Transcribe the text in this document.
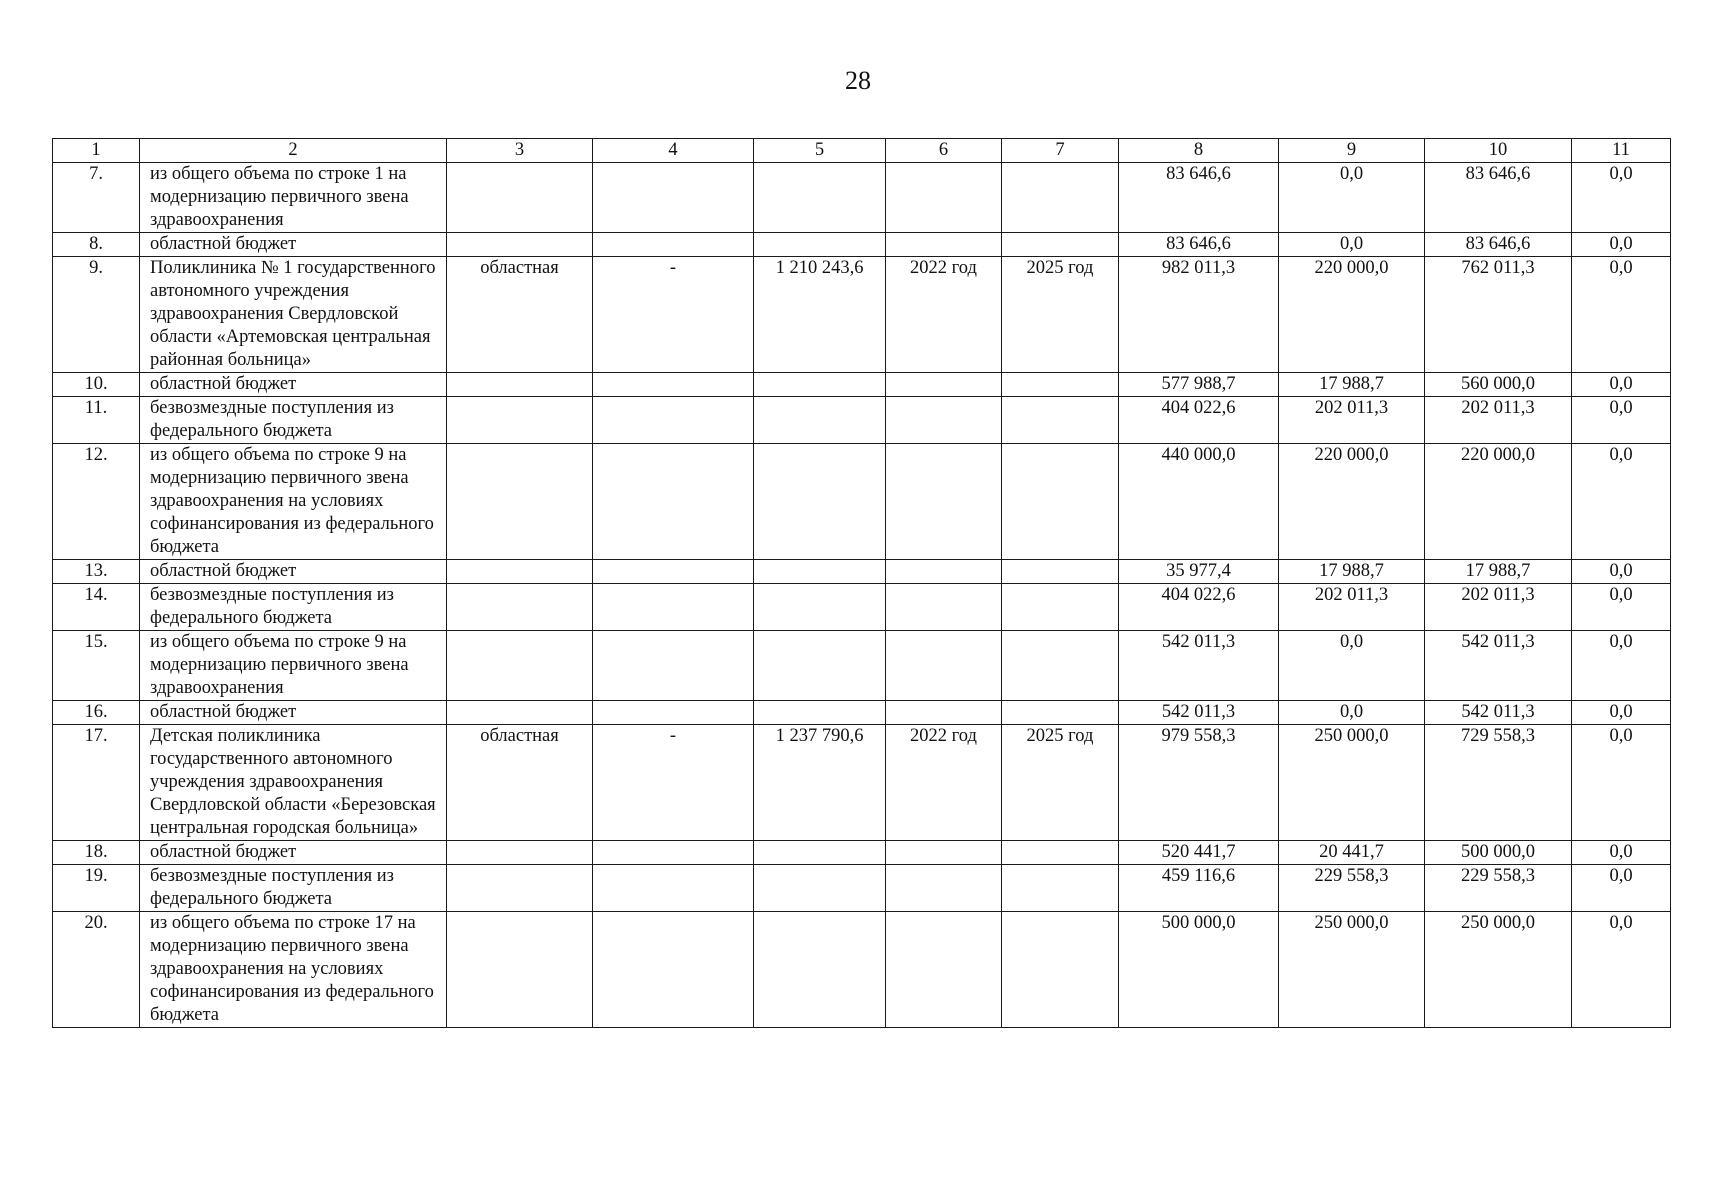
28
1	2	3	4	5	6	7	8	9	10	11
7.	из общего объема по строке 1 на модернизацию первичного звена здравоохранения						83 646,6	0,0	83 646,6	0,0
8.	областной бюджет						83 646,6	0,0	83 646,6	0,0
9.	Поликлиника № 1 государственного автономного учреждения здравоохранения Свердловской области «Артемовская центральная районная больница»	областная	-	1 210 243,6	2022 год	2025 год	982 011,3	220 000,0	762 011,3	0,0
10.	областной бюджет						577 988,7	17 988,7	560 000,0	0,0
11.	безвозмездные поступления из федерального бюджета						404 022,6	202 011,3	202 011,3	0,0
12.	из общего объема по строке 9 на модернизацию первичного звена здравоохранения на условиях софинансирования из федерального бюджета						440 000,0	220 000,0	220 000,0	0,0
13.	областной бюджет						35 977,4	17 988,7	17 988,7	0,0
14.	безвозмездные поступления из федерального бюджета						404 022,6	202 011,3	202 011,3	0,0
15.	из общего объема по строке 9 на модернизацию первичного звена здравоохранения						542 011,3	0,0	542 011,3	0,0
16.	областной бюджет						542 011,3	0,0	542 011,3	0,0
17.	Детская поликлиника государственного автономного учреждения здравоохранения Свердловской области «Березовская центральная городская больница»	областная	-	1 237 790,6	2022 год	2025 год	979 558,3	250 000,0	729 558,3	0,0
18.	областной бюджет						520 441,7	20 441,7	500 000,0	0,0
19.	безвозмездные поступления из федерального бюджета						459 116,6	229 558,3	229 558,3	0,0
20.	из общего объема по строке 17 на модернизацию первичного звена здравоохранения на условиях софинансирования из федерального бюджета						500 000,0	250 000,0	250 000,0	0,0
